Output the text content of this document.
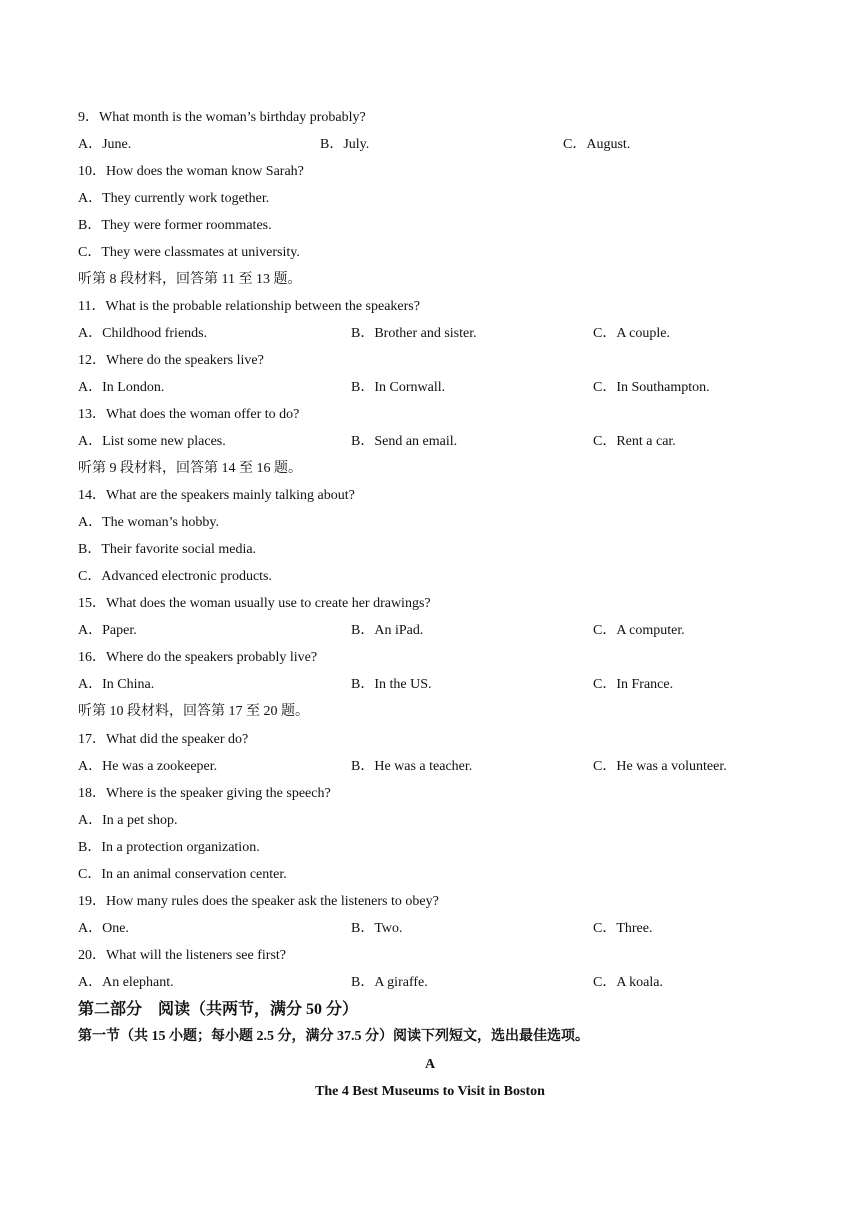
9．What month is the woman’s birthday probably?
A．June.	B．July.	C．August.
10．How does the woman know Sarah?
A．They currently work together.
B．They were former roommates.
C．They were classmates at university.
听第 8 段材料，回答第 11 至 13 题。
11．What is the probable relationship between the speakers?
A．Childhood friends.	B．Brother and sister.	C．A couple.
12．Where do the speakers live?
A．In London.	B．In Cornwall.	C．In Southampton.
13．What does the woman offer to do?
A．List some new places.	B．Send an email.	C．Rent a car.
听第 9 段材料，回答第 14 至 16 题。
14．What are the speakers mainly talking about?
A．The woman’s hobby.
B．Their favorite social media.
C．Advanced electronic products.
15．What does the woman usually use to create her drawings?
A．Paper.	B．An iPad.	C．A computer.
16．Where do the speakers probably live?
A．In China.	B．In the US.	C．In France.
听第 10 段材料，回答第 17 至 20 题。
17．What did the speaker do?
A．He was a zookeeper.	B．He was a teacher.	C．He was a volunteer.
18．Where is the speaker giving the speech?
A．In a pet shop.
B．In a protection organization.
C．In an animal conservation center.
19．How many rules does the speaker ask the listeners to obey?
A．One.	B．Two.	C．Three.
20．What will the listeners see first?
A．An elephant.	B．A giraffe.	C．A koala.
第二部分　阅读（共两节，满分 50 分）
第一节（共 15 小题；每小题 2.5 分，满分 37.5 分）阅读下列短文，选出最佳选项。
A
The 4 Best Museums to Visit in Boston
